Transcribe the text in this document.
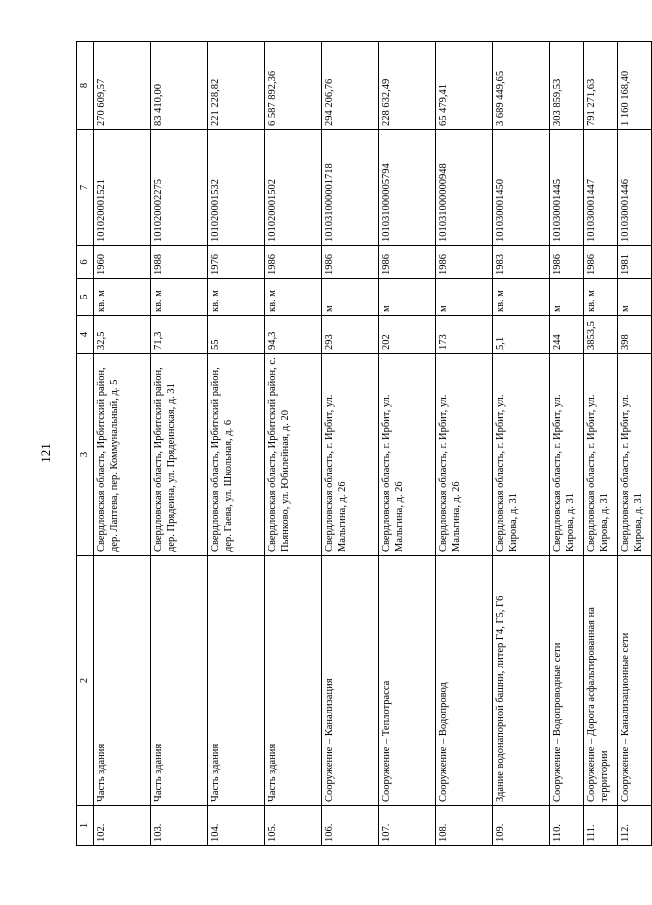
121
1	2	3	4	5	6	7	8
102.	Часть здания	Свердловская область, Ирбитский район, дер. Лаптева, пер. Коммунальный, д. 5	32,5	кв. м	1960	101020001521	270 609,57
103.	Часть здания	Свердловская область, Ирбитский район, дер. Прядеина, ул. Прядеинская, д. 31	71,3	кв. м	1988	101020002275	83 410,00
104.	Часть здания	Свердловская область, Ирбитский район, дер. Гаева, ул. Школьная, д. 6	55	кв. м	1976	101020001532	221 228,82
105.	Часть здания	Свердловская область, Ирбитский район, с. Пьянково, ул. Юбилейная, д. 20	94,3	кв. м	1986	101020001502	6 587 892,36
106.	Сооружение – Канализация	Свердловская область, г. Ирбит, ул. Мальгина, д. 26	293	м	1986	101031000001718	294 206,76
107.	Сооружение – Теплотрасса	Свердловская область, г. Ирбит, ул. Мальгина, д. 26	202	м	1986	101031000005794	228 632,49
108.	Сооружение – Водопровод	Свердловская область, г. Ирбит, ул. Мальгина, д. 26	173	м	1986	101031000000948	65 479,41
109.	Здание водонапорной башни, литер Г4, Г5, Г6	Свердловская область, г. Ирбит, ул. Кирова, д. 31	5,1	кв. м	1983	101030001450	3 689 449,65
110.	Сооружение – Водопроводные сети	Свердловская область, г. Ирбит, ул. Кирова, д. 31	244	м	1986	101030001445	303 859,53
111.	Сооружение – Дорога асфальтированная на территории	Свердловская область, г. Ирбит, ул. Кирова, д. 31	3853,5	кв. м	1986	101030001447	791 271,63
112.	Сооружение – Канализационные сети	Свердловская область, г. Ирбит, ул. Кирова, д. 31	398	м	1981	101030001446	1 160 168,40
